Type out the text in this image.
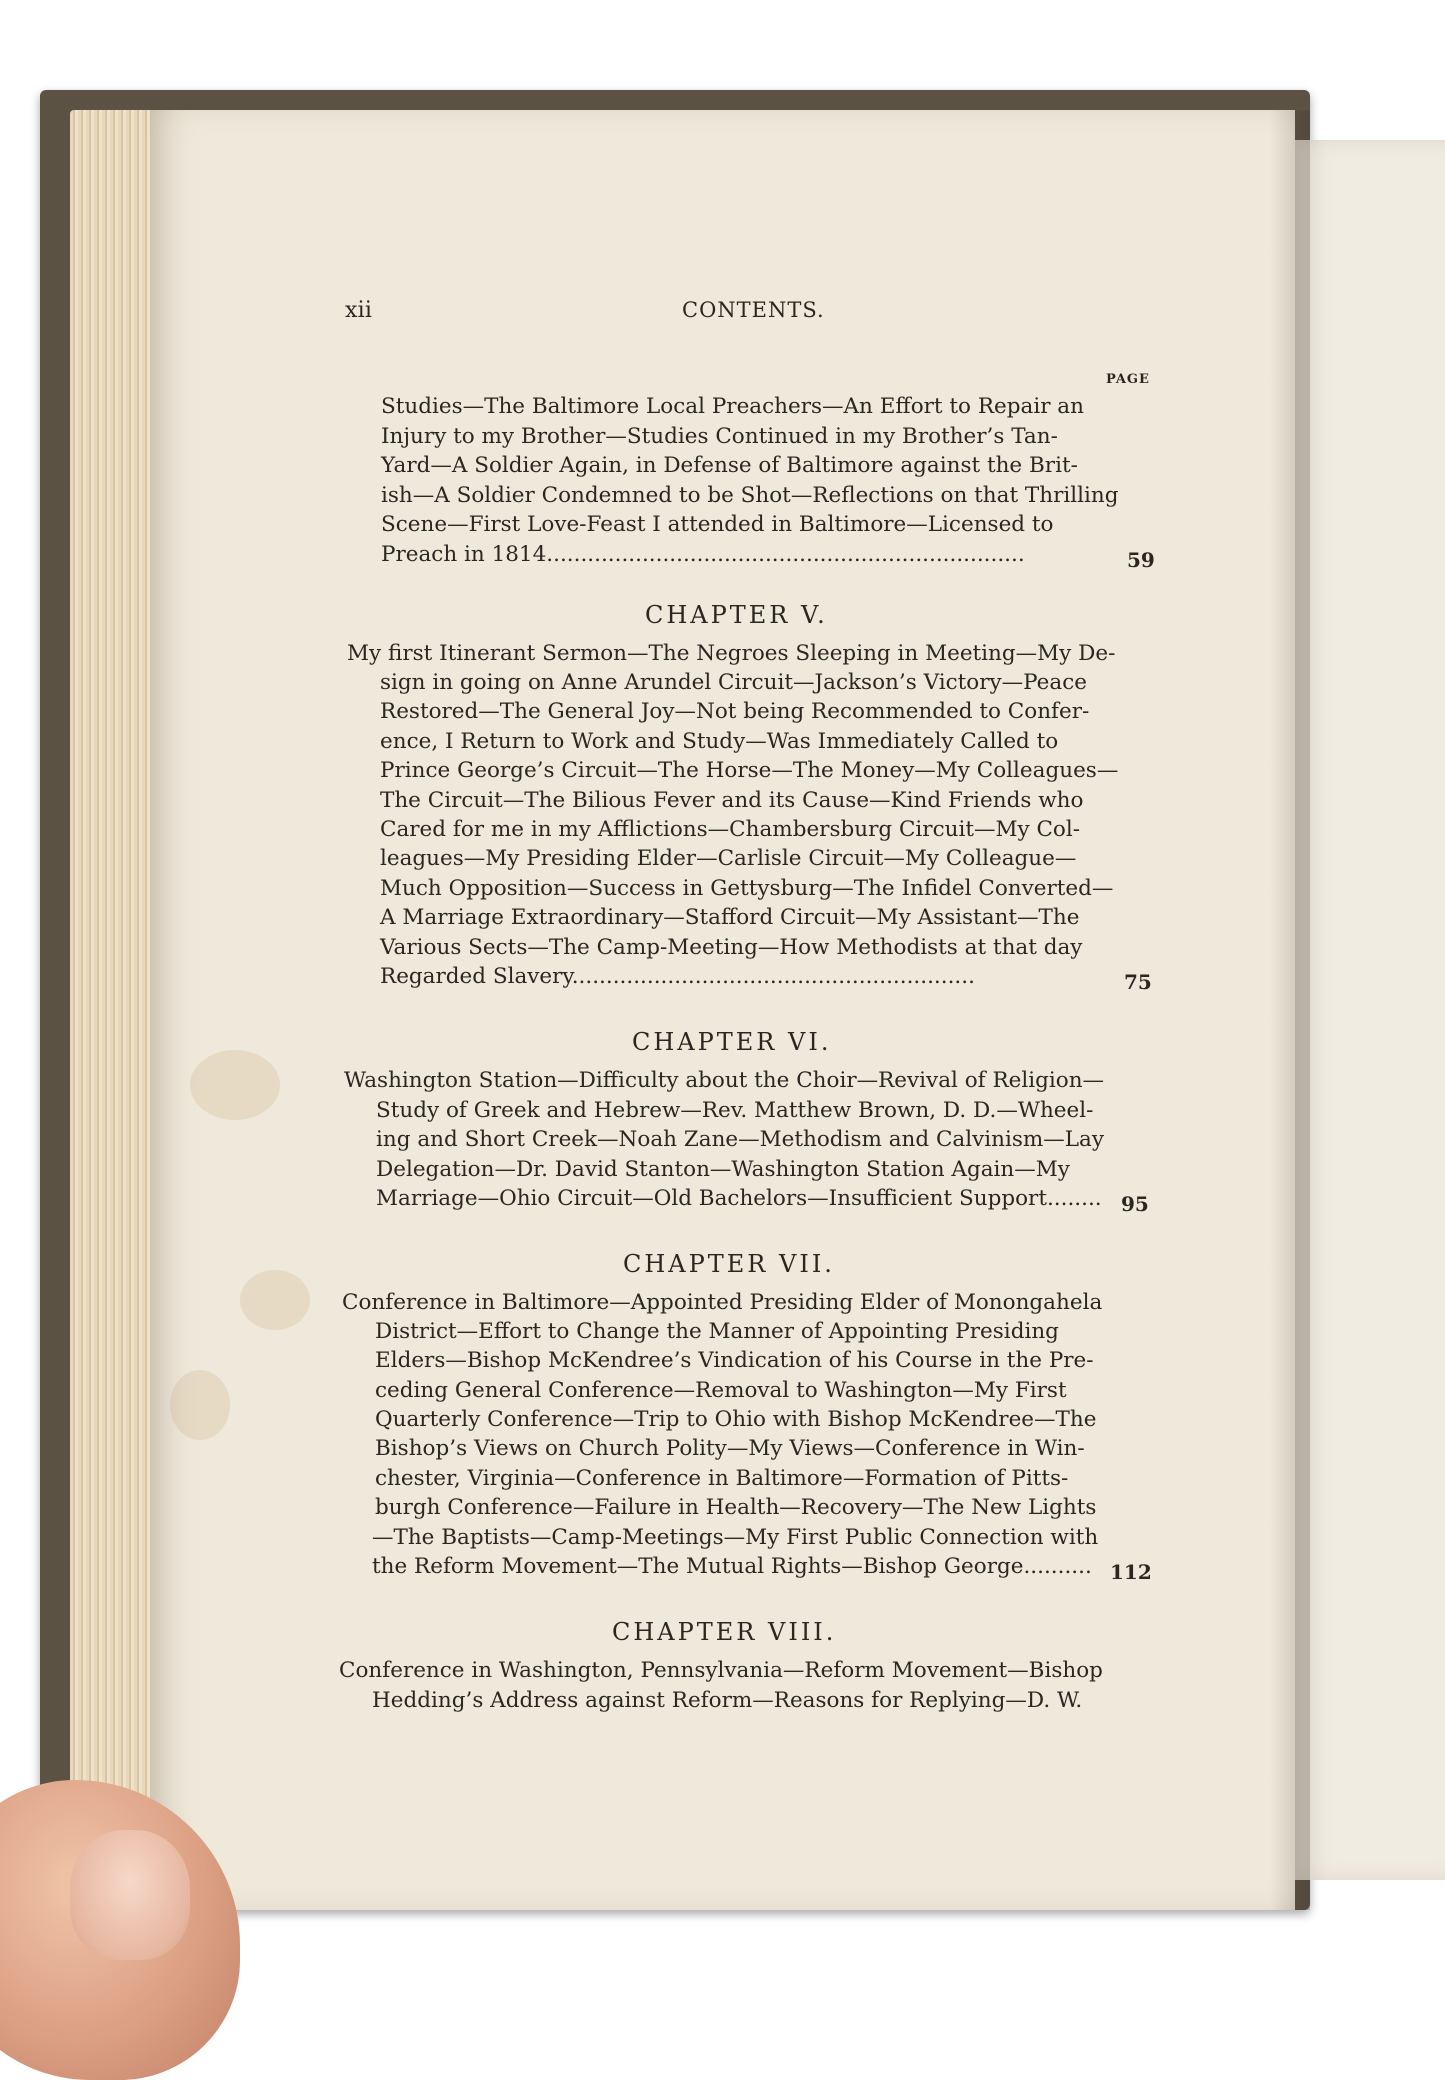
xii	CONTENTS.
PAGE
Studies—The Baltimore Local Preachers—An Effort to Repair an
Injury to my Brother—Studies Continued in my Brother’s Tan-
Yard—A Soldier Again, in Defense of Baltimore against the Brit-
ish—A Soldier Condemned to be Shot—Reflections on that Thrilling
Scene—First Love-Feast I attended in Baltimore—Licensed to
Preach in 1814......................................................................	59
CHAPTER V.
My first Itinerant Sermon—The Negroes Sleeping in Meeting—My De-
sign in going on Anne Arundel Circuit—Jackson’s Victory—Peace
Restored—The General Joy—Not being Recommended to Confer-
ence, I Return to Work and Study—Was Immediately Called to
Prince George’s Circuit—The Horse—The Money—My Colleagues—
The Circuit—The Bilious Fever and its Cause—Kind Friends who
Cared for me in my Afflictions—Chambersburg Circuit—My Col-
leagues—My Presiding Elder—Carlisle Circuit—My Colleague—
Much Opposition—Success in Gettysburg—The Infidel Converted—
A Marriage Extraordinary—Stafford Circuit—My Assistant—The
Various Sects—The Camp-Meeting—How Methodists at that day
Regarded Slavery...........................................................	75
CHAPTER VI.
Washington Station—Difficulty about the Choir—Revival of Religion—
Study of Greek and Hebrew—Rev. Matthew Brown, D. D.—Wheel-
ing and Short Creek—Noah Zane—Methodism and Calvinism—Lay
Delegation—Dr. David Stanton—Washington Station Again—My
Marriage—Ohio Circuit—Old Bachelors—Insufficient Support........ 95
CHAPTER VII.
Conference in Baltimore—Appointed Presiding Elder of Monongahela
District—Effort to Change the Manner of Appointing Presiding
Elders—Bishop McKendree’s Vindication of his Course in the Pre-
ceding General Conference—Removal to Washington—My First
Quarterly Conference—Trip to Ohio with Bishop McKendree—The
Bishop’s Views on Church Polity—My Views—Conference in Win-
chester, Virginia—Conference in Baltimore—Formation of Pitts-
burgh Conference—Failure in Health—Recovery—The New Lights
—The Baptists—Camp-Meetings—My First Public Connection with
the Reform Movement—The Mutual Rights—Bishop George.......... 112
CHAPTER VIII.
Conference in Washington, Pennsylvania—Reform Movement—Bishop
Hedding’s Address against Reform—Reasons for Replying—D. W.
